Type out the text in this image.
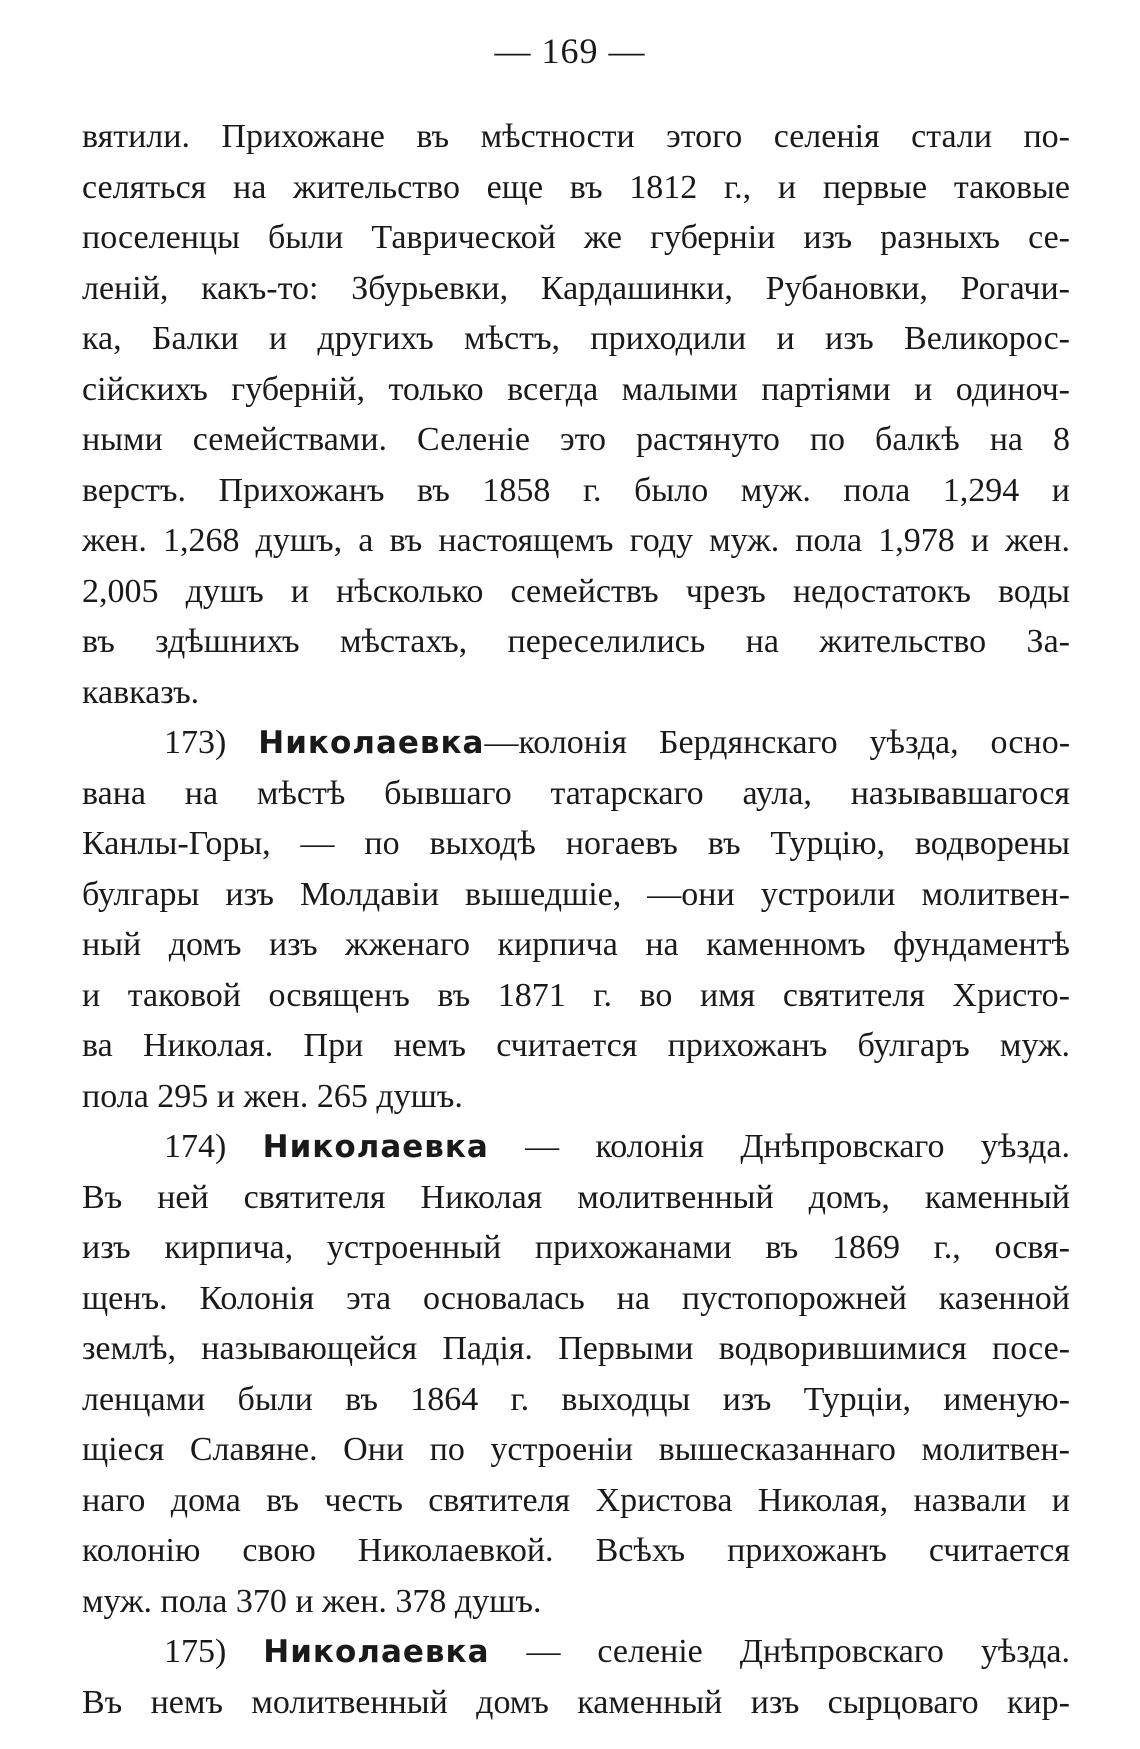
— 169 —
вятили. Прихожане въ мѣстности этого селенія стали по-
селяться на жительство еще въ 1812 г., и первые таковые
поселенцы были Таврической же губерніи изъ разныхъ се-
леній, какъ-то: Збурьевки, Кардашинки, Рубановки, Рогачи-
ка, Балки и другихъ мѣстъ, приходили и изъ Великорос-
сійскихъ губерній, только всегда малыми партіями и одиноч-
ными семействами. Селеніе это растянуто по балкѣ на 8
верстъ. Прихожанъ въ 1858 г. было муж. пола 1,294 и
жен. 1,268 душъ, а въ настоящемъ году муж. пола 1,978 и жен.
2,005 душъ и нѣсколько семействъ чрезъ недостатокъ воды
въ здѣшнихъ мѣстахъ, переселились на жительство За-
кавказъ.
173) Николаевка—колонія Бердянскаго уѣзда, осно-
вана на мѣстѣ бывшаго татарскаго аула, называвшагося
Канлы-Горы, — по выходѣ ногаевъ въ Турцію, водворены
булгары изъ Молдавіи вышедшіе, —они устроили молитвен-
ный домъ изъ жженаго кирпича на каменномъ фундаментѣ
и таковой освященъ въ 1871 г. во имя святителя Христо-
ва Николая. При немъ считается прихожанъ булгаръ муж.
пола 295 и жен. 265 душъ.
174) Николаевка — колонія Днѣпровскаго уѣзда.
Въ ней святителя Николая молитвенный домъ, каменный
изъ кирпича, устроенный прихожанами въ 1869 г., освя-
щенъ. Колонія эта основалась на пустопорожней казенной
землѣ, называющейся Падія. Первыми водворившимися посе-
ленцами были въ 1864 г. выходцы изъ Турціи, именую-
щіеся Славяне. Они по устроеніи вышесказаннаго молитвен-
наго дома въ честь святителя Христова Николая, назвали и
колонію свою Николаевкой. Всѣхъ прихожанъ считается
муж. пола 370 и жен. 378 душъ.
175) Николаевка — селеніе Днѣпровскаго уѣзда.
Въ немъ молитвенный домъ каменный изъ сырцоваго кир-
